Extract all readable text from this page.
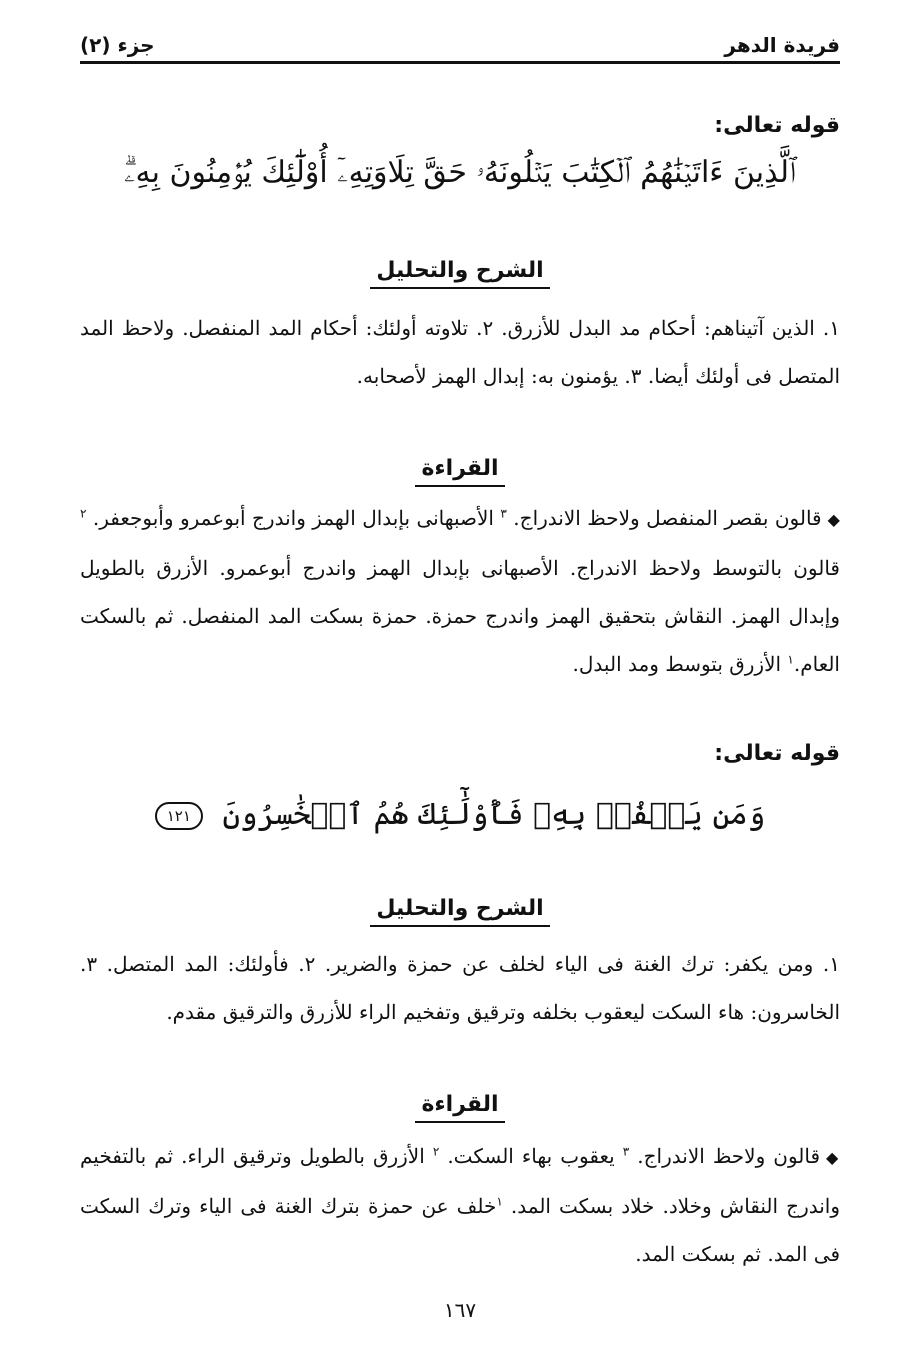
فريدة الدهر
جزء (٢)
قوله تعالى:
ٱلَّذِينَ ءَاتَيۡنَٰهُمُ ٱلۡكِتَٰبَ يَتۡلُونَهُۥ حَقَّ تِلَاوَتِهِۦٓ أُوْلَٰٓئِكَ يُؤۡمِنُونَ بِهِۦۗ
الشرح والتحليل
١. الذين آتيناهم: أحكام مد البدل للأزرق. ٢. تلاوته أولئك: أحكام المد المنفصل. ولاحظ المد المتصل فى أولئك أيضا. ٣. يؤمنون به: إبدال الهمز لأصحابه.
القراءة
◆قالون بقصر المنفصل ولاحظ الاندراج. $^٣$ الأصبهانى بإبدال الهمز واندرج أبوعمرو وأبوجعفر. $^٢$ قالون بالتوسط ولاحظ الاندراج. الأصبهانى بإبدال الهمز واندرج أبوعمرو. الأزرق بالطويل وإبدال الهمز. النقاش بتحقيق الهمز واندرج حمزة. حمزة بسكت المد المنفصل. ثم بالسكت العام.$^١$ الأزرق بتوسط ومد البدل.
قوله تعالى:
وَمَن يَكۡفُرۡ بِهِۦ فَأُوْلَٰٓئِكَ هُمُ ٱلۡخَٰسِرُونَ ١٢١
الشرح والتحليل
١. ومن يكفر: ترك الغنة فى الياء لخلف عن حمزة والضرير. ٢. فأولئك: المد المتصل. ٣. الخاسرون: هاء السكت ليعقوب بخلفه وترقيق وتفخيم الراء للأزرق والترقيق مقدم.
القراءة
◆قالون ولاحظ الاندراج. $^٣$ يعقوب بهاء السكت. $^٢$ الأزرق بالطويل وترقيق الراء. ثم بالتفخيم واندرج النقاش وخلاد. خلاد بسكت المد. $^١$خلف عن حمزة بترك الغنة فى الياء وترك السكت فى المد. ثم بسكت المد.
١٦٧
